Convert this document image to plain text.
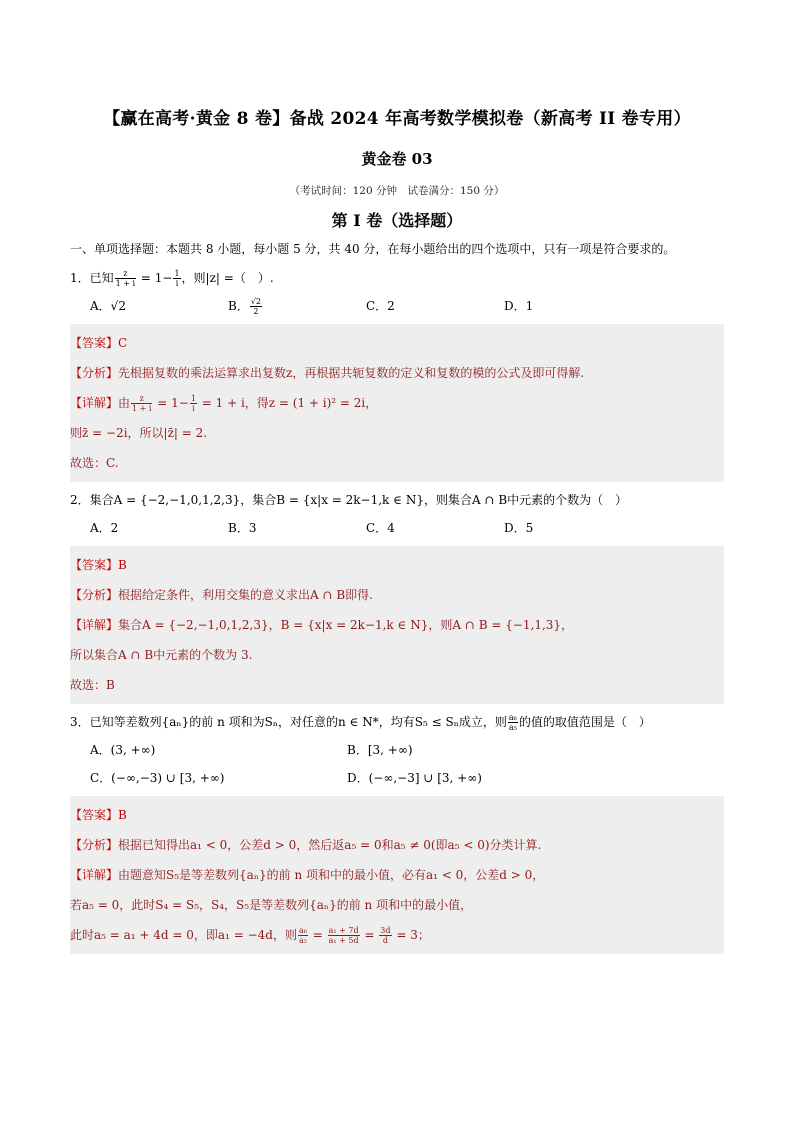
【赢在高考·黄金 8 卷】备战 2024 年高考数学模拟卷（新高考 II 卷专用）
黄金卷 03
（考试时间：120 分钟　试卷满分：150 分）
第 I 卷（选择题）
一、单项选择题：本题共 8 小题，每小题 5 分，共 40 分，在每小题给出的四个选项中，只有一项是符合要求的。
1．已知 $\frac{z}{1 + i} = 1- \frac{1}{i}$ ，则|z| =（　）.
A．√2	B． $\frac{√2}{2}$	C．2	D．1
【答案】C
【分析】先根据复数的乘法运算求出复数z，再根据共轭复数的定义和复数的模的公式及即可得解.
【详解】由 $\frac{z}{1 + i} = 1- \frac{1}{i} = 1 + i$，得z = (1 + i)² = 2i，
则z̄ = −2i，所以|z̄| = 2.
故选：C.
2．集合A = {−2,−1,0,1,2,3}，集合B = {x|x = 2k−1,k ∈ N}，则集合A ∩ B中元素的个数为（　）
A．2	B．3	C．4	D．5
【答案】B
【分析】根据给定条件，利用交集的意义求出A ∩ B即得.
【详解】集合A = {−2,−1,0,1,2,3}，B = {x|x = 2k−1,k ∈ N}，则A ∩ B = {−1,1,3}，
所以集合A ∩ B中元素的个数为 3.
故选：B
3．已知等差数列{aₙ}的前 n 项和为Sₙ，对任意的n ∈ N*，均有S₅ ≤ Sₙ成立，则 $\frac{\text{a₆}}{\text{a₅}}$ 的值的取值范围是（　）
A．(3, +∞)	B．[3, +∞)
C．(−∞,−3) ∪ [3, +∞)	D．(−∞,−3] ∪ [3, +∞)
【答案】B
【分析】根据已知得出a₁ < 0，公差d > 0，然后返a₅ = 0和a₅ ≠ 0(即a₅ < 0)分类计算.
【详解】由题意知S₅是等差数列{aₙ}的前 n 项和中的最小值，必有a₁ < 0，公差d > 0，
若a₅ = 0，此时S₄ = S₅，S₄，S₅是等差数列{aₙ}的前 n 项和中的最小值，
此时a₅ = a₁ + 4d = 0，即a₁ = −4d，则 $\frac{\text{a₆}}{\text{a₅}} = \frac{\text{a₁ + 7d}}{\text{a₁ + 5d}} = \frac{3d}{d} = 3$；
